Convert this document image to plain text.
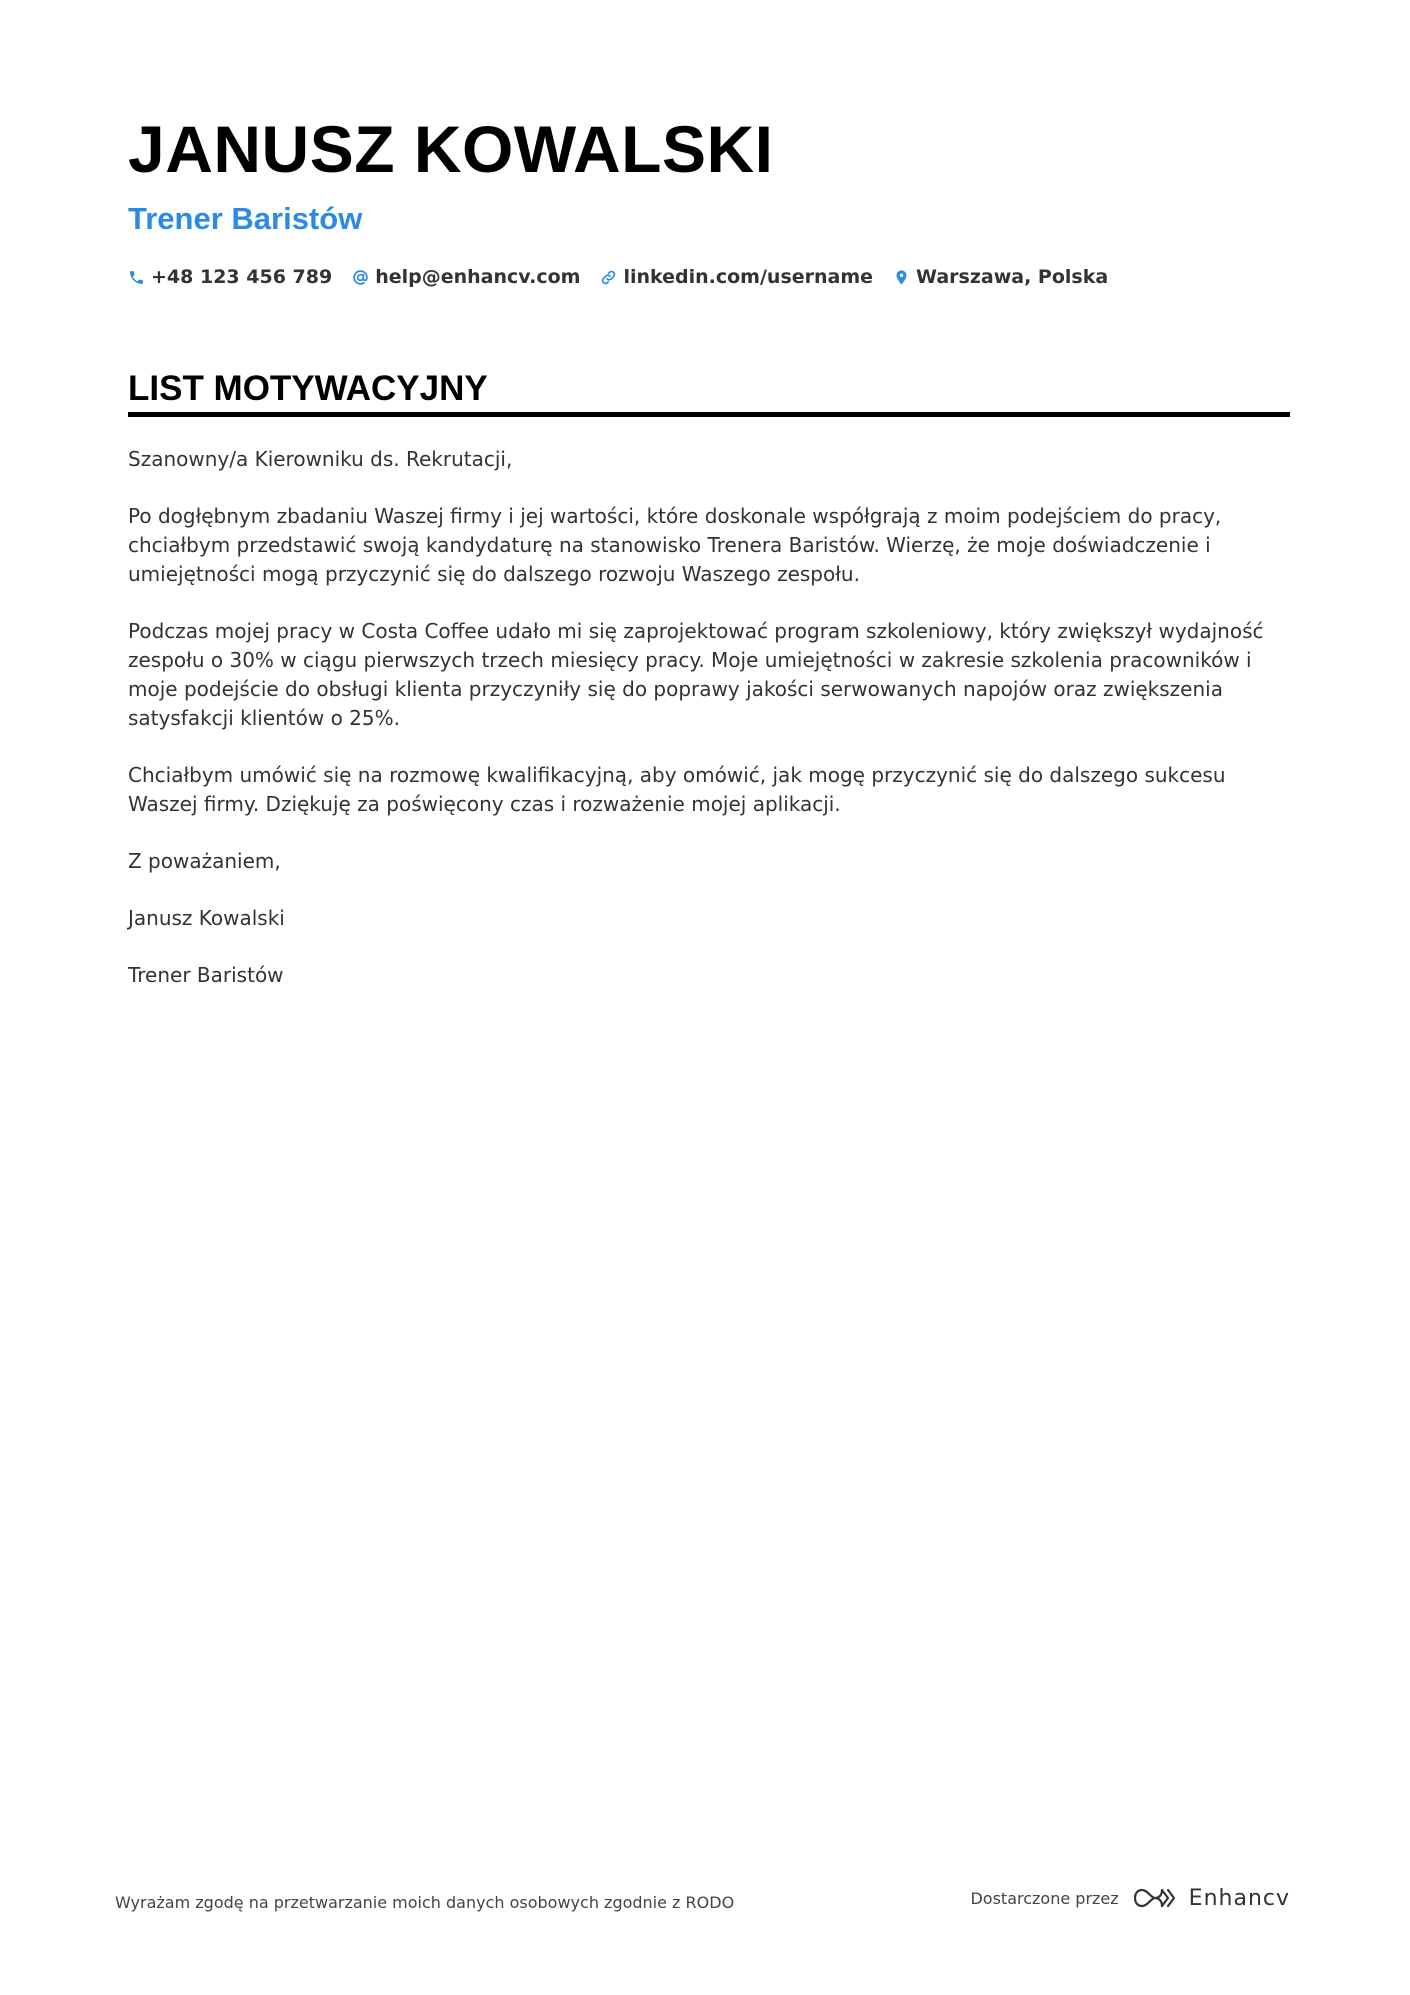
JANUSZ KOWALSKI
Trener Baristów
+48 123 456 789 help@enhancv.com linkedin.com/username Warszawa, Polska
LIST MOTYWACYJNY

Szanowny/a Kierowniku ds. Rekrutacji,

Po dogłębnym zbadaniu Waszej firmy i jej wartości, które doskonale współgrają z moim podejściem do pracy, chciałbym przedstawić swoją kandydaturę na stanowisko Trenera Baristów. Wierzę, że moje doświadczenie i umiejętności mogą przyczynić się do dalszego rozwoju Waszego zespołu.

Podczas mojej pracy w Costa Coffee udało mi się zaprojektować program szkoleniowy, który zwiększył wydajność zespołu o 30% w ciągu pierwszych trzech miesięcy pracy. Moje umiejętności w zakresie szkolenia pracowników i moje podejście do obsługi klienta przyczyniły się do poprawy jakości serwowanych napojów oraz zwiększenia satysfakcji klientów o 25%.

Chciałbym umówić się na rozmowę kwalifikacyjną, aby omówić, jak mogę przyczynić się do dalszego sukcesu Waszej firmy. Dziękuję za poświęcony czas i rozważenie mojej aplikacji.

Z poważaniem,

Janusz Kowalski

Trener Baristów

Wyrażam zgodę na przetwarzanie moich danych osobowych zgodnie z RODO	Dostarczone przez	Enhancv
